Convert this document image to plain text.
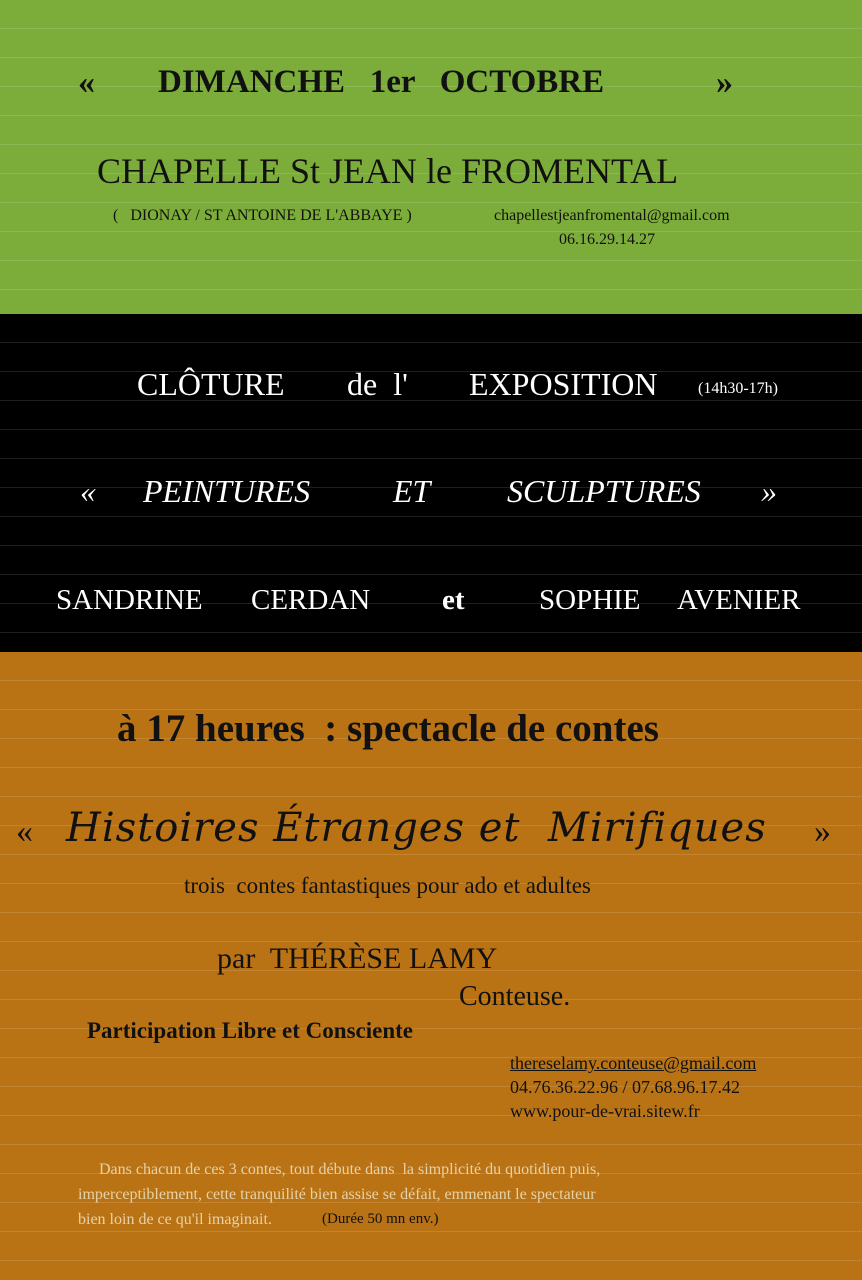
« DIMANCHE   1er   OCTOBRE	»
CHAPELLE St JEAN le FROMENTAL
(   DIONAY / ST ANTOINE DE L'ABBAYE )	chapellestjeanfromental@gmail.com
06.16.29.14.27
CLÔTURE de  l' EXPOSITION	(14h30-17h)
« PEINTURES	ET SCULPTURES »
SANDRINE CERDAN et	SOPHIE AVENIER
à 17 heures  : spectacle de contes
« Histoires Étranges et  Mirifiques »
trois  contes fantastiques pour ado et adultes
par  THÉRÈSE LAMY
Conteuse.
Participation Libre et Consciente
thereselamy.conteuse@gmail.com
04.76.36.22.96 / 07.68.96.17.42
www.pour-de-vrai.sitew.fr
Dans chacun de ces 3 contes, tout débute dans  la simplicité du quotidien puis,
imperceptiblement, cette tranquilité bien assise se défait, emmenant le spectateur
bien loin de ce qu'il imaginait.	(Durée 50 mn env.)
